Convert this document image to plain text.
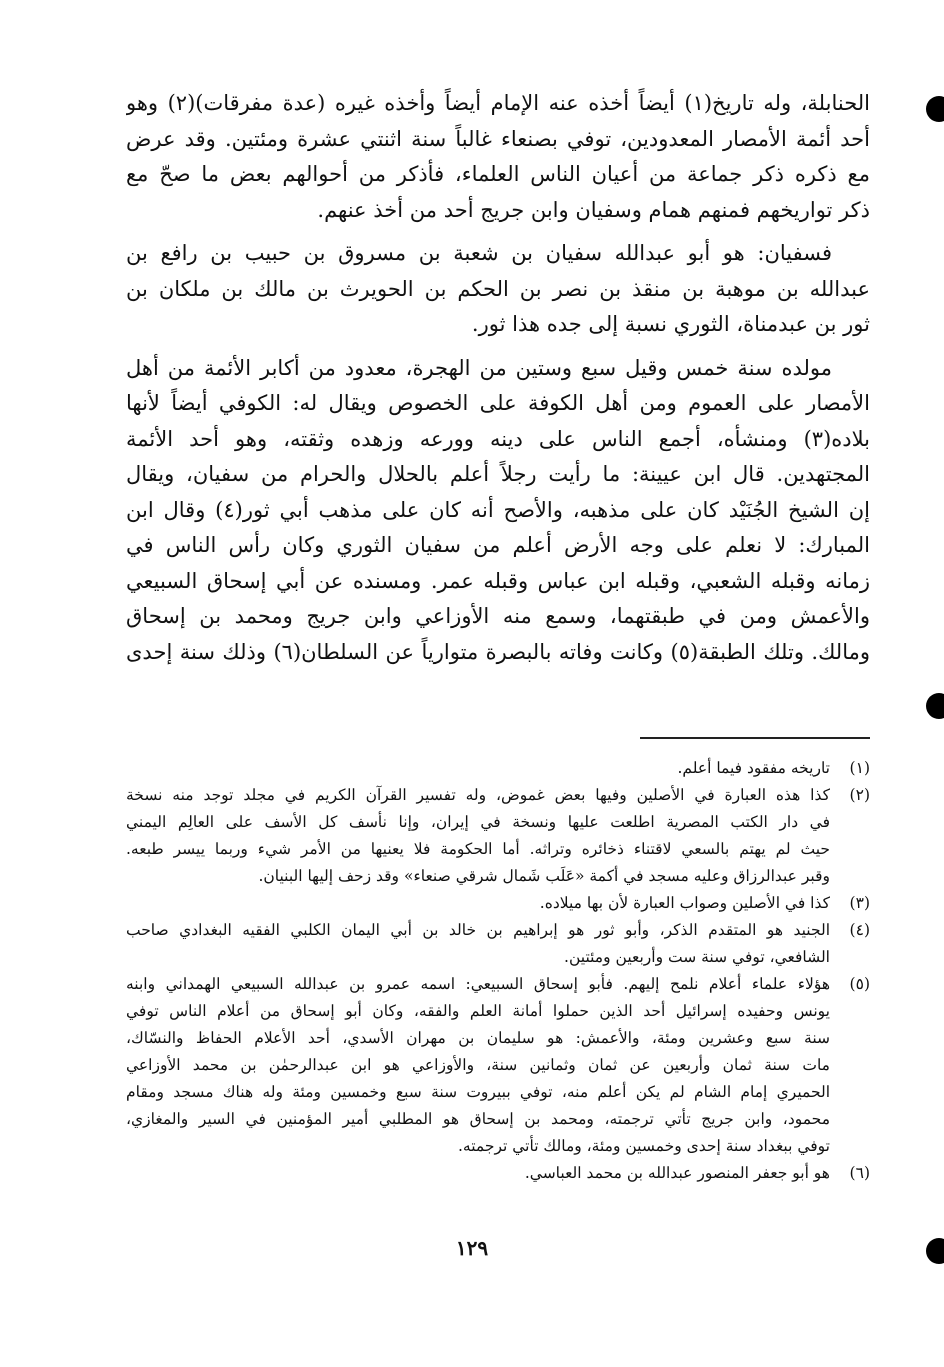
الحنابلة، وله تاريخ(١) أيضاً أخذه عنه الإمام أيضاً وأخذه غيره (عدة مفرقات)(٢) وهو
أحد أئمة الأمصار المعدودين، توفي بصنعاء غالباً سنة اثنتي عشرة ومئتين. وقد عرض
مع ذكره ذكر جماعة من أعيان الناس العلماء، فأذكر من أحوالهم بعض ما صحّ مع
ذكر تواريخهم فمنهم همام وسفيان وابن جريج أحد من أخذ عنهم.
فسفيان: هو أبو عبدالله سفيان بن شعبة بن مسروق بن حبيب بن رافع بن
عبدالله بن موهبة بن منقذ بن نصر بن الحكم بن الحويرث بن مالك بن ملكان بن
ثور بن عبدمناة، الثوري نسبة إلى جده هذا ثور.
مولده سنة خمس وقيل سبع وستين من الهجرة، معدود من أكابر الأئمة من أهل
الأمصار على العموم ومن أهل الكوفة على الخصوص ويقال له: الكوفي أيضاً لأنها
بلاده(٣) ومنشأه، أجمع الناس على دينه وورعه وزهده وثقته، وهو أحد الأئمة
المجتهدين. قال ابن عيينة: ما رأيت رجلاً أعلم بالحلال والحرام من سفيان، ويقال
إن الشيخ الجُنَيْد كان على مذهبه، والأصح أنه كان على مذهب أبي ثور(٤) وقال ابن
المبارك: لا نعلم على وجه الأرض أعلم من سفيان الثوري وكان رأس الناس في
زمانه وقبله الشعبي، وقبله ابن عباس وقبله عمر. ومسنده عن أبي إسحاق السبيعي
والأعمش ومن في طبقتهما، وسمع منه الأوزاعي وابن جريج ومحمد بن إسحاق
ومالك. وتلك الطبقة(٥) وكانت وفاته بالبصرة متوارياً عن السلطان(٦) وذلك سنة إحدى
(١)
تاريخه مفقود فيما أعلم.
(٢)
كذا هذه العبارة في الأصلين وفيها بعض غموض، وله تفسير القرآن الكريم في مجلد توجد منه نسخة
في دار الكتب المصرية اطلعت عليها ونسخة في إيران، وإنا نأسف كل الأسف على العالِم اليمني
حيث لم يهتم بالسعي لاقتناء ذخائره وتراثه. أما الحكومة فلا يعنيها من الأمر شيء وربما ييسر طبعه.
وقبر عبدالرزاق وعليه مسجد في أكمة «عَلَب شَمال شرقي صنعاء» وقد زحف إليها البنيان.
(٣)
كذا في الأصلين وصواب العبارة لأن بها ميلاده.
(٤)
الجنيد هو المتقدم الذكر، وأبو ثور هو إبراهيم بن خالد بن أبي اليمان الكلبي الفقيه البغدادي صاحب
الشافعي، توفي سنة ست وأربعين ومئتين.
(٥)
هؤلاء علماء أعلام نلمح إليهم. فأبو إسحاق السبيعي: اسمه عمرو بن عبدالله السبيعي الهمداني وابنه
يونس وحفيده إسرائيل أحد الذين حملوا أمانة العلم والفقه، وكان أبو إسحاق من أعلام الناس توفي
سنة سبع وعشرين ومئة، والأعمش: هو سليمان بن مهران الأسدي، أحد الأعلام الحفاظ والنسّاك،
مات سنة ثمان وأربعين عن ثمان وثمانين سنة، والأوزاعي هو ابن عبدالرحمٰن بن محمد الأوزاعي
الحميري إمام الشام لم يكن أعلم منه، توفي ببيروت سنة سبع وخمسين ومئة وله هناك مسجد ومقام
محمود، وابن جريج تأتي ترجمته، ومحمد بن إسحاق هو المطلبي أمير المؤمنين في السير والمغازي،
توفي ببغداد سنة إحدى وخمسين ومئة، ومالك تأتي ترجمته.
(٦)
هو أبو جعفر المنصور عبدالله بن محمد العباسي.
١٢٩
